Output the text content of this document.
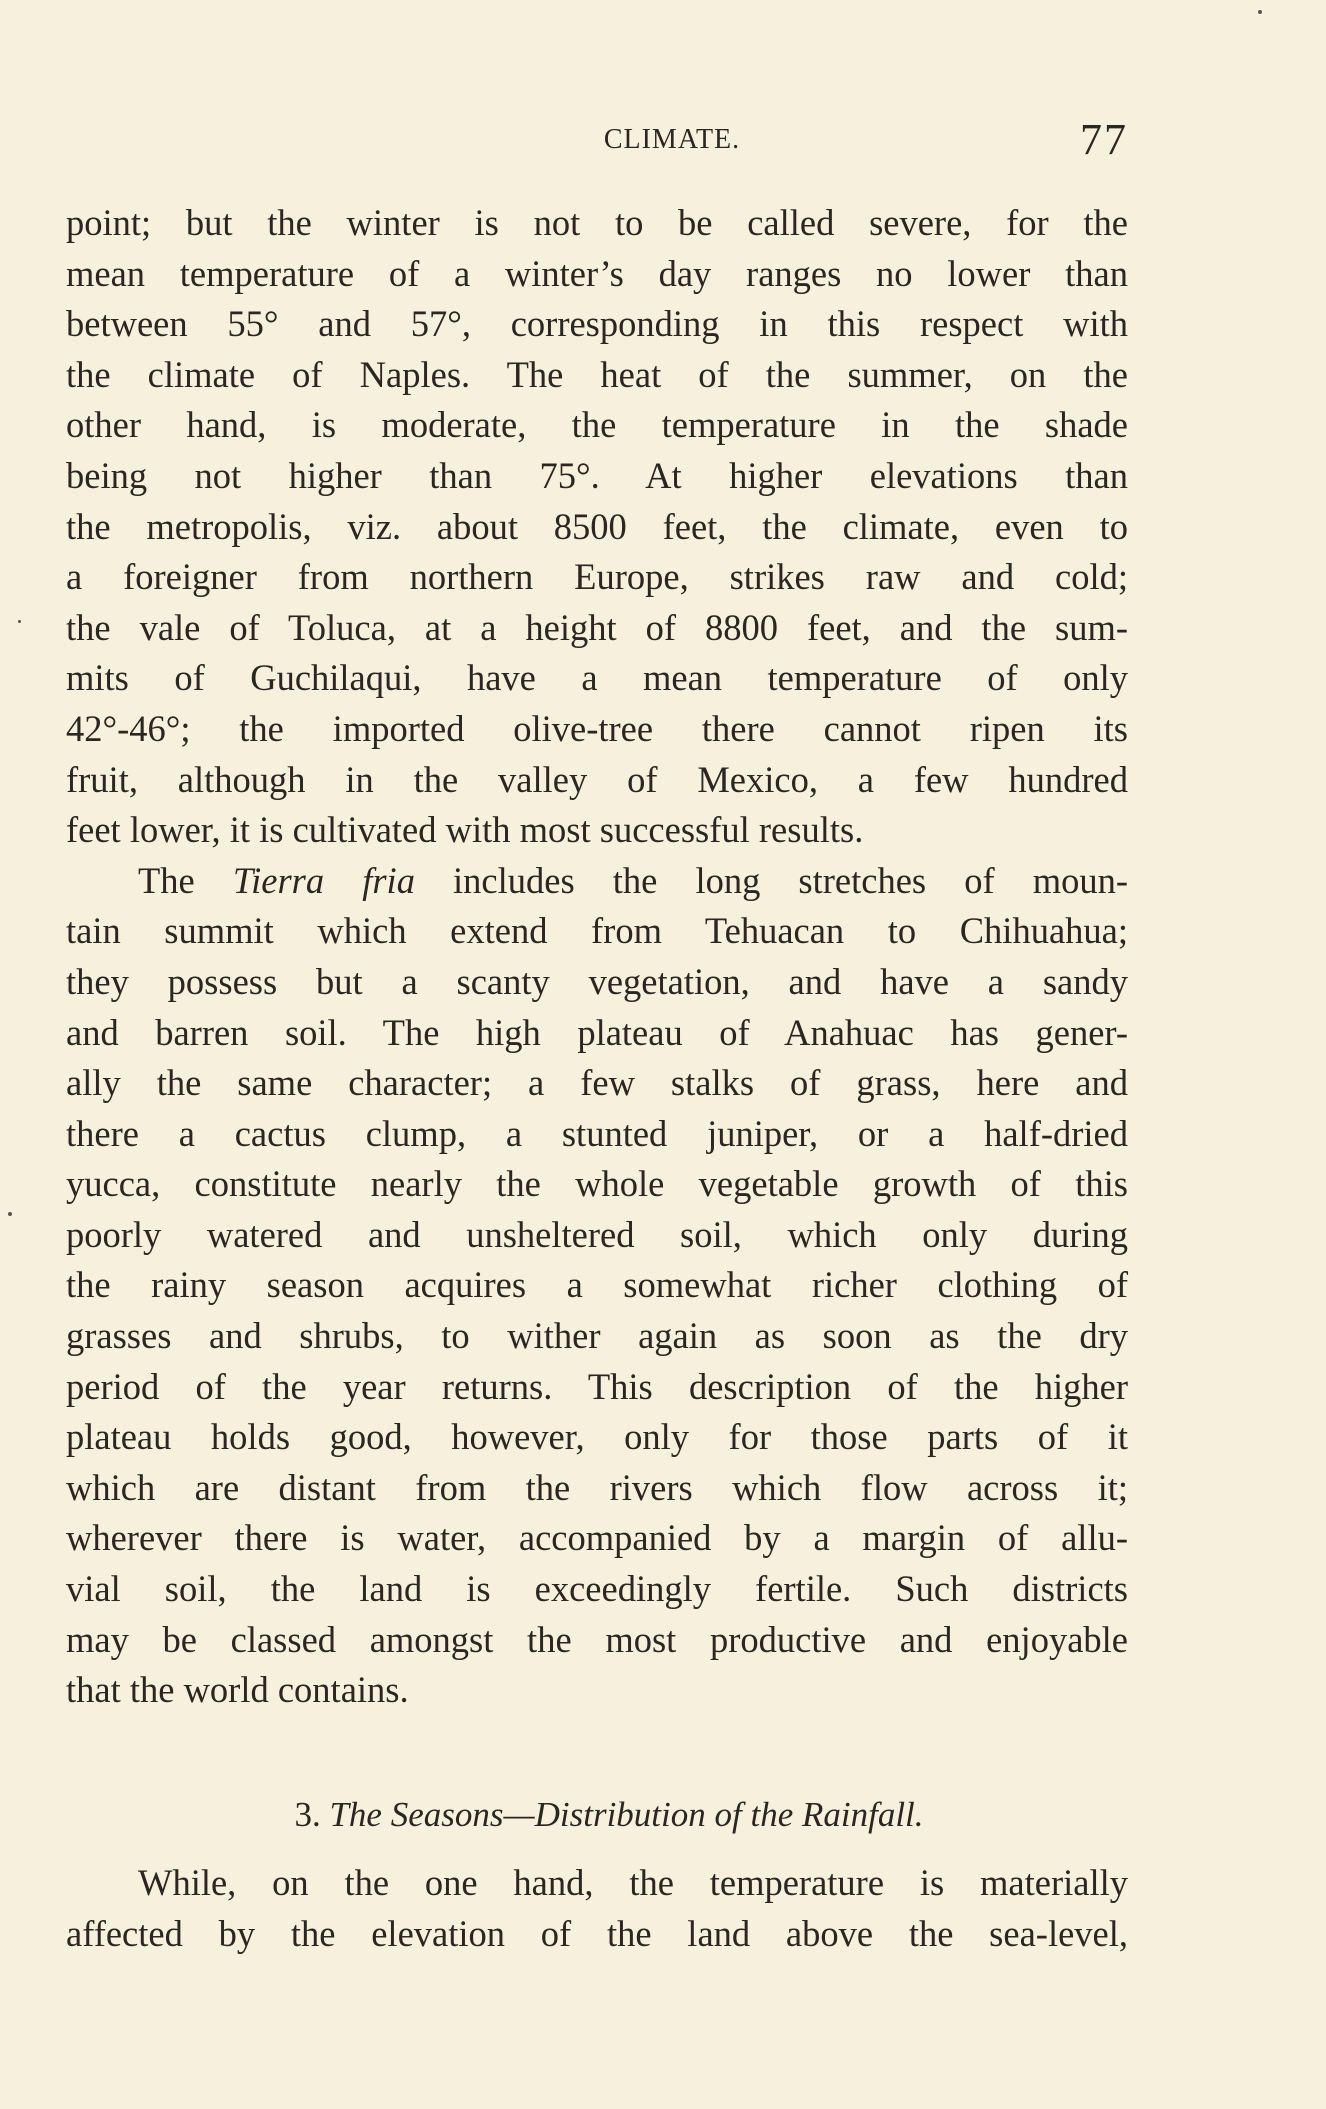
CLIMATE.	77
point; but the winter is not to be called severe, for the
mean temperature of a winter’s day ranges no lower than
between 55° and 57°, corresponding in this respect with
the climate of Naples. The heat of the summer, on the
other hand, is moderate, the temperature in the shade
being not higher than 75°. At higher elevations than
the metropolis, viz. about 8500 feet, the climate, even to
a foreigner from northern Europe, strikes raw and cold;
the vale of Toluca, at a height of 8800 feet, and the sum-
mits of Guchilaqui, have a mean temperature of only
42°-46°; the imported olive-tree there cannot ripen its
fruit, although in the valley of Mexico, a few hundred
feet lower, it is cultivated with most successful results.
The Tierra fria includes the long stretches of moun-
tain summit which extend from Tehuacan to Chihuahua;
they possess but a scanty vegetation, and have a sandy
and barren soil. The high plateau of Anahuac has gener-
ally the same character; a few stalks of grass, here and
there a cactus clump, a stunted juniper, or a half-dried
yucca, constitute nearly the whole vegetable growth of this
poorly watered and unsheltered soil, which only during
the rainy season acquires a somewhat richer clothing of
grasses and shrubs, to wither again as soon as the dry
period of the year returns. This description of the higher
plateau holds good, however, only for those parts of it
which are distant from the rivers which flow across it;
wherever there is water, accompanied by a margin of allu-
vial soil, the land is exceedingly fertile. Such districts
may be classed amongst the most productive and enjoyable
that the world contains.
3. The Seasons—Distribution of the Rainfall.
While, on the one hand, the temperature is materially
affected by the elevation of the land above the sea-level,
